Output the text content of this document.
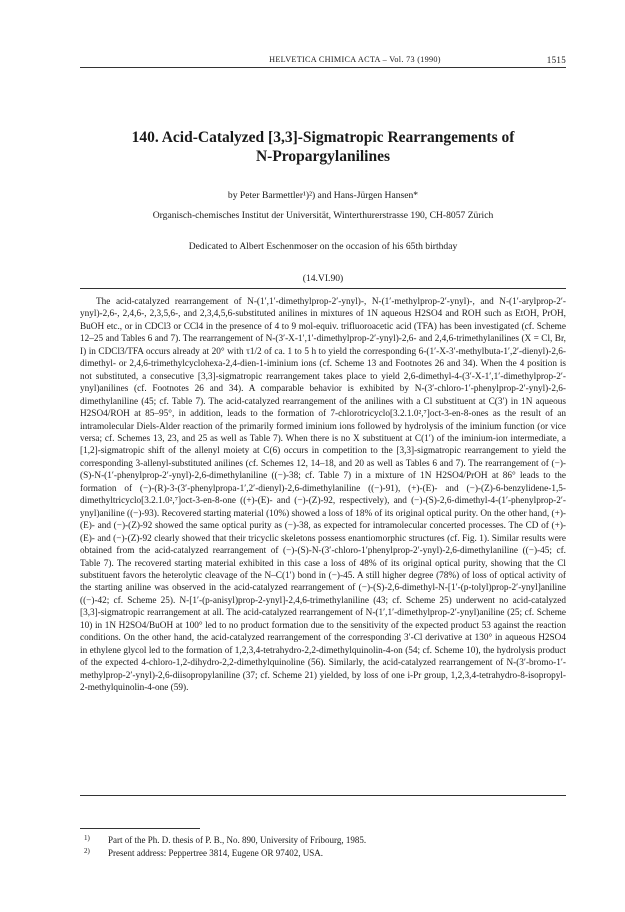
HELVETICA CHIMICA ACTA – Vol. 73 (1990)	1515
140. Acid-Catalyzed [3,3]-Sigmatropic Rearrangements of
N-Propargylanilines
by Peter Barmettler¹)²) and Hans-Jürgen Hansen*
Organisch-chemisches Institut der Universität, Winterthurerstrasse 190, CH-8057 Zürich
Dedicated to Albert Eschenmoser on the occasion of his 65th birthday
(14.VI.90)

The acid-catalyzed rearrangement of N-(1′,1′-dimethylprop-2′-ynyl)-, N-(1′-methylprop-2′-ynyl)-, and N-(1′-arylprop-2′-ynyl)-2,6-, 2,4,6-, 2,3,5,6-, and 2,3,4,5,6-substituted anilines in mixtures of 1N aqueous H2SO4 and ROH such as EtOH, PrOH, BuOH etc., or in CDCl3 or CCl4 in the presence of 4 to 9 mol-equiv. trifluoroacetic acid (TFA) has been investigated (cf. Scheme 12–25 and Tables 6 and 7). The rearrangement of N-(3′-X-1′,1′-dimethylprop-2′-ynyl)-2,6- and 2,4,6-trimethylanilines (X = Cl, Br, I) in CDCl3/TFA occurs already at 20° with τ1/2 of ca. 1 to 5 h to yield the corresponding 6-(1′-X-3′-methylbuta-1′,2′-dienyl)-2,6-dimethyl- or 2,4,6-trimethylcyclohexa-2,4-dien-1-iminium ions (cf. Scheme 13 and Footnotes 26 and 34). When the 4 position is not substituted, a consecutive [3,3]-sigmatropic rearrangement takes place to yield 2,6-dimethyl-4-(3′-X-1′,1′-dimethylprop-2′-ynyl)anilines (cf. Footnotes 26 and 34). A comparable behavior is exhibited by N-(3′-chloro-1′-phenylprop-2′-ynyl)-2,6-dimethylaniline (45; cf. Table 7). The acid-catalyzed rearrangement of the anilines with a Cl substituent at C(3′) in 1N aqueous H2SO4/ROH at 85–95°, in addition, leads to the formation of 7-chlorotricyclo[3.2.1.0²,⁷]oct-3-en-8-ones as the result of an intramolecular Diels-Alder reaction of the primarily formed iminium ions followed by hydrolysis of the iminium function (or vice versa; cf. Schemes 13, 23, and 25 as well as Table 7). When there is no X substituent at C(1′) of the iminium-ion intermediate, a [1,2]-sigmatropic shift of the allenyl moiety at C(6) occurs in competition to the [3,3]-sigmatropic rearrangement to yield the corresponding 3-allenyl-substituted anilines (cf. Schemes 12, 14–18, and 20 as well as Tables 6 and 7). The rearrangement of (−)-(S)-N-(1′-phenylprop-2′-ynyl)-2,6-dimethylaniline ((−)-38; cf. Table 7) in a mixture of 1N H2SO4/PrOH at 86° leads to the formation of (−)-(R)-3-(3′-phenylpropa-1′,2′-dienyl)-2,6-dimethylaniline ((−)-91), (+)-(E)- and (−)-(Z)-6-benzylidene-1,5-dimethyltricyclo[3.2.1.0²,⁷]oct-3-en-8-one ((+)-(E)- and (−)-(Z)-92, respectively), and (−)-(S)-2,6-dimethyl-4-(1′-phenylprop-2′-ynyl)aniline ((−)-93). Recovered starting material (10%) showed a loss of 18% of its original optical purity. On the other hand, (+)-(E)- and (−)-(Z)-92 showed the same optical purity as (−)-38, as expected for intramolecular concerted processes. The CD of (+)-(E)- and (−)-(Z)-92 clearly showed that their tricyclic skeletons possess enantiomorphic structures (cf. Fig. 1). Similar results were obtained from the acid-catalyzed rearrangement of (−)-(S)-N-(3′-chloro-1′phenylprop-2′-ynyl)-2,6-dimethylaniline ((−)-45; cf. Table 7). The recovered starting material exhibited in this case a loss of 48% of its original optical purity, showing that the Cl substituent favors the heterolytic cleavage of the N–C(1′) bond in (−)-45. A still higher degree (78%) of loss of optical activity of the starting aniline was observed in the acid-catalyzed rearrangement of (−)-(S)-2,6-dimethyl-N-[1′-(p-tolyl)prop-2′-ynyl]aniline ((−)-42; cf. Scheme 25). N-[1′-(p-anisyl)prop-2-ynyl]-2,4,6-trimethylaniline (43; cf. Scheme 25) underwent no acid-catalyzed [3,3]-sigmatropic rearrangement at all. The acid-catalyzed rearrangement of N-(1′,1′-dimethylprop-2′-ynyl)aniline (25; cf. Scheme 10) in 1N H2SO4/BuOH at 100° led to no product formation due to the sensitivity of the expected product 53 against the reaction conditions. On the other hand, the acid-catalyzed rearrangement of the corresponding 3′-Cl derivative at 130° in aqueous H2SO4 in ethylene glycol led to the formation of 1,2,3,4-tetrahydro-2,2-dimethylquinolin-4-on (54; cf. Scheme 10), the hydrolysis product of the expected 4-chloro-1,2-dihydro-2,2-dimethylquinoline (56). Similarly, the acid-catalyzed rearrangement of N-(3′-bromo-1′-methylprop-2′-ynyl)-2,6-diisopropylaniline (37; cf. Scheme 21) yielded, by loss of one i-Pr group, 1,2,3,4-tetrahydro-8-isopropyl-2-methylquinolin-4-one (59).

1) Part of the Ph. D. thesis of P. B., No. 890, University of Fribourg, 1985.
2) Present address: Peppertree 3814, Eugene OR 97402, USA.
